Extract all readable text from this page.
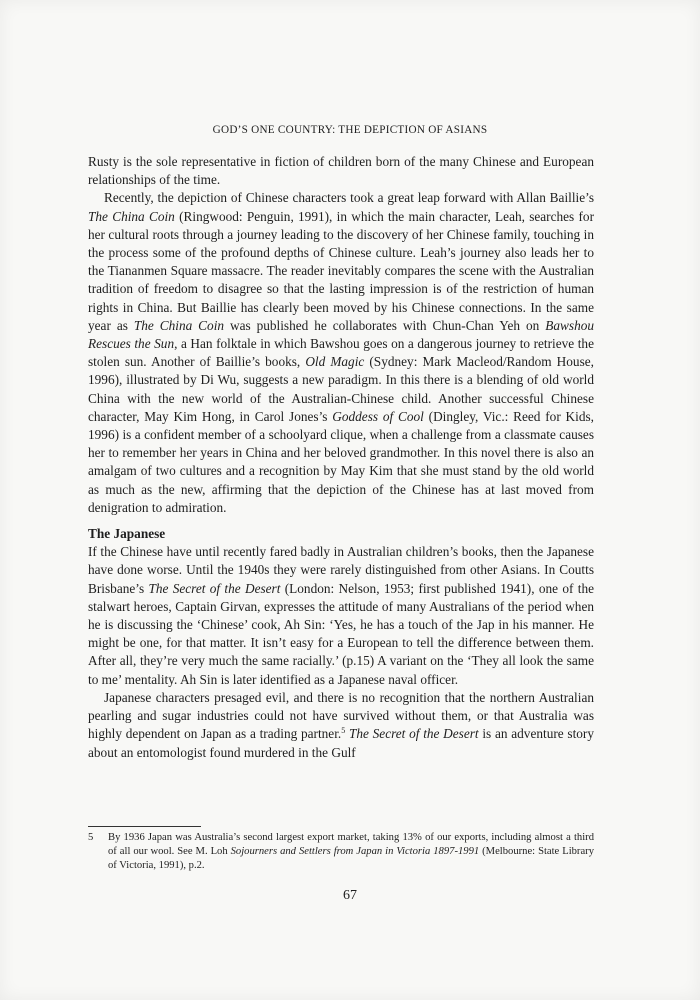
GOD’S ONE COUNTRY: THE DEPICTION OF ASIANS

Rusty is the sole representative in fiction of children born of the many Chinese and European relationships of the time.

Recently, the depiction of Chinese characters took a great leap forward with Allan Baillie’s The China Coin (Ringwood: Penguin, 1991), in which the main character, Leah, searches for her cultural roots through a journey leading to the discovery of her Chinese family, touching in the process some of the profound depths of Chinese culture. Leah’s journey also leads her to the Tiananmen Square massacre. The reader inevitably compares the scene with the Australian tradition of freedom to disagree so that the lasting impression is of the restriction of human rights in China. But Baillie has clearly been moved by his Chinese connections. In the same year as The China Coin was published he collaborates with Chun-Chan Yeh on Bawshou Rescues the Sun, a Han folktale in which Bawshou goes on a dangerous journey to retrieve the stolen sun. Another of Baillie’s books, Old Magic (Sydney: Mark Macleod/Random House, 1996), illustrated by Di Wu, suggests a new paradigm. In this there is a blending of old world China with the new world of the Australian-Chinese child. Another successful Chinese character, May Kim Hong, in Carol Jones’s Goddess of Cool (Dingley, Vic.: Reed for Kids, 1996) is a confident member of a schoolyard clique, when a challenge from a classmate causes her to remember her years in China and her beloved grandmother. In this novel there is also an amalgam of two cultures and a recognition by May Kim that she must stand by the old world as much as the new, affirming that the depiction of the Chinese has at last moved from denigration to admiration.

The Japanese

If the Chinese have until recently fared badly in Australian children’s books, then the Japanese have done worse. Until the 1940s they were rarely distinguished from other Asians. In Coutts Brisbane’s The Secret of the Desert (London: Nelson, 1953; first published 1941), one of the stalwart heroes, Captain Girvan, expresses the attitude of many Australians of the period when he is discussing the ‘Chinese’ cook, Ah Sin: ‘Yes, he has a touch of the Jap in his manner. He might be one, for that matter. It isn’t easy for a European to tell the difference between them. After all, they’re very much the same racially.’ (p.15) A variant on the ‘They all look the same to me’ mentality. Ah Sin is later identified as a Japanese naval officer.

Japanese characters presaged evil, and there is no recognition that the northern Australian pearling and sugar industries could not have survived without them, or that Australia was highly dependent on Japan as a trading partner.$^5$ The Secret of the Desert is an adventure story about an entomologist found murdered in the Gulf

5	By 1936 Japan was Australia’s second largest export market, taking 13% of our exports, including almost a third of all our wool. See M. Loh Sojourners and Settlers from Japan in Victoria 1897-1991 (Melbourne: State Library of Victoria, 1991), p.2.
67
